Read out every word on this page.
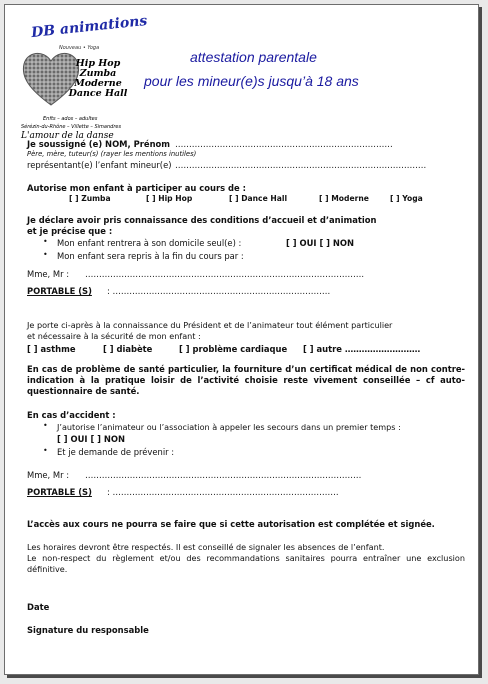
DB animations
Nouveau • Yoga
Hip Hop
Zumba
Moderne
Dance Hall
Enfts – ados – adultes
Sérézin-du-Rhône – Villette – Simandres
L'amour de la danse
attestation parentale
pour les mineur(e)s jusqu’à 18 ans
Je soussigné (e) NOM, Prénom ……………………………………………………………………
Père, mère, tuteur(s) (rayer les mentions inutiles)
représentant(e) l’enfant mineur(e) ………………………………………………………………………………
Autorise mon enfant à participer au cours de :
[ ] Zumba	[ ] Hip Hop	[ ] Dance Hall	[ ] Moderne	[ ] Yoga
Je déclare avoir pris connaissance des conditions d’accueil et d’animation
et je précise que :
• Mon enfant rentrera à son domicile seul(e) :	[ ] OUI [ ] NON
• Mon enfant sera repris à la fin du cours par :
Mme, Mr : ……………………………………………………………………………………….
PORTABLE (S) : ……………………………………………………………………
Je porte ci-après à la connaissance du Président et de l’animateur tout élément particulier
et nécessaire à la sécurité de mon enfant :
[ ] asthme	[ ] diabète	[ ] problème cardiaque [ ] autre ………………………
En cas de problème de santé particulier, la fourniture d’un certificat médical de non contre-indication à la pratique loisir de l’activité choisie reste vivement conseillée – cf auto-questionnaire de santé.
En cas d’accident :
• J’autorise l’animateur ou l’association à appeler les secours dans un premier temps :
[ ] OUI [ ] NON
• Et je demande de prévenir :
Mme, Mr : ………………………………………………………………………………………
PORTABLE (S) : ………………………………………………………………………
L’accès aux cours ne pourra se faire que si cette autorisation est complétée et signée.
Les horaires devront être respectés. Il est conseillé de signaler les absences de l’enfant.
Le non-respect du règlement et/ou des recommandations sanitaires pourra entraîner une exclusion définitive.
Date
Signature du responsable
